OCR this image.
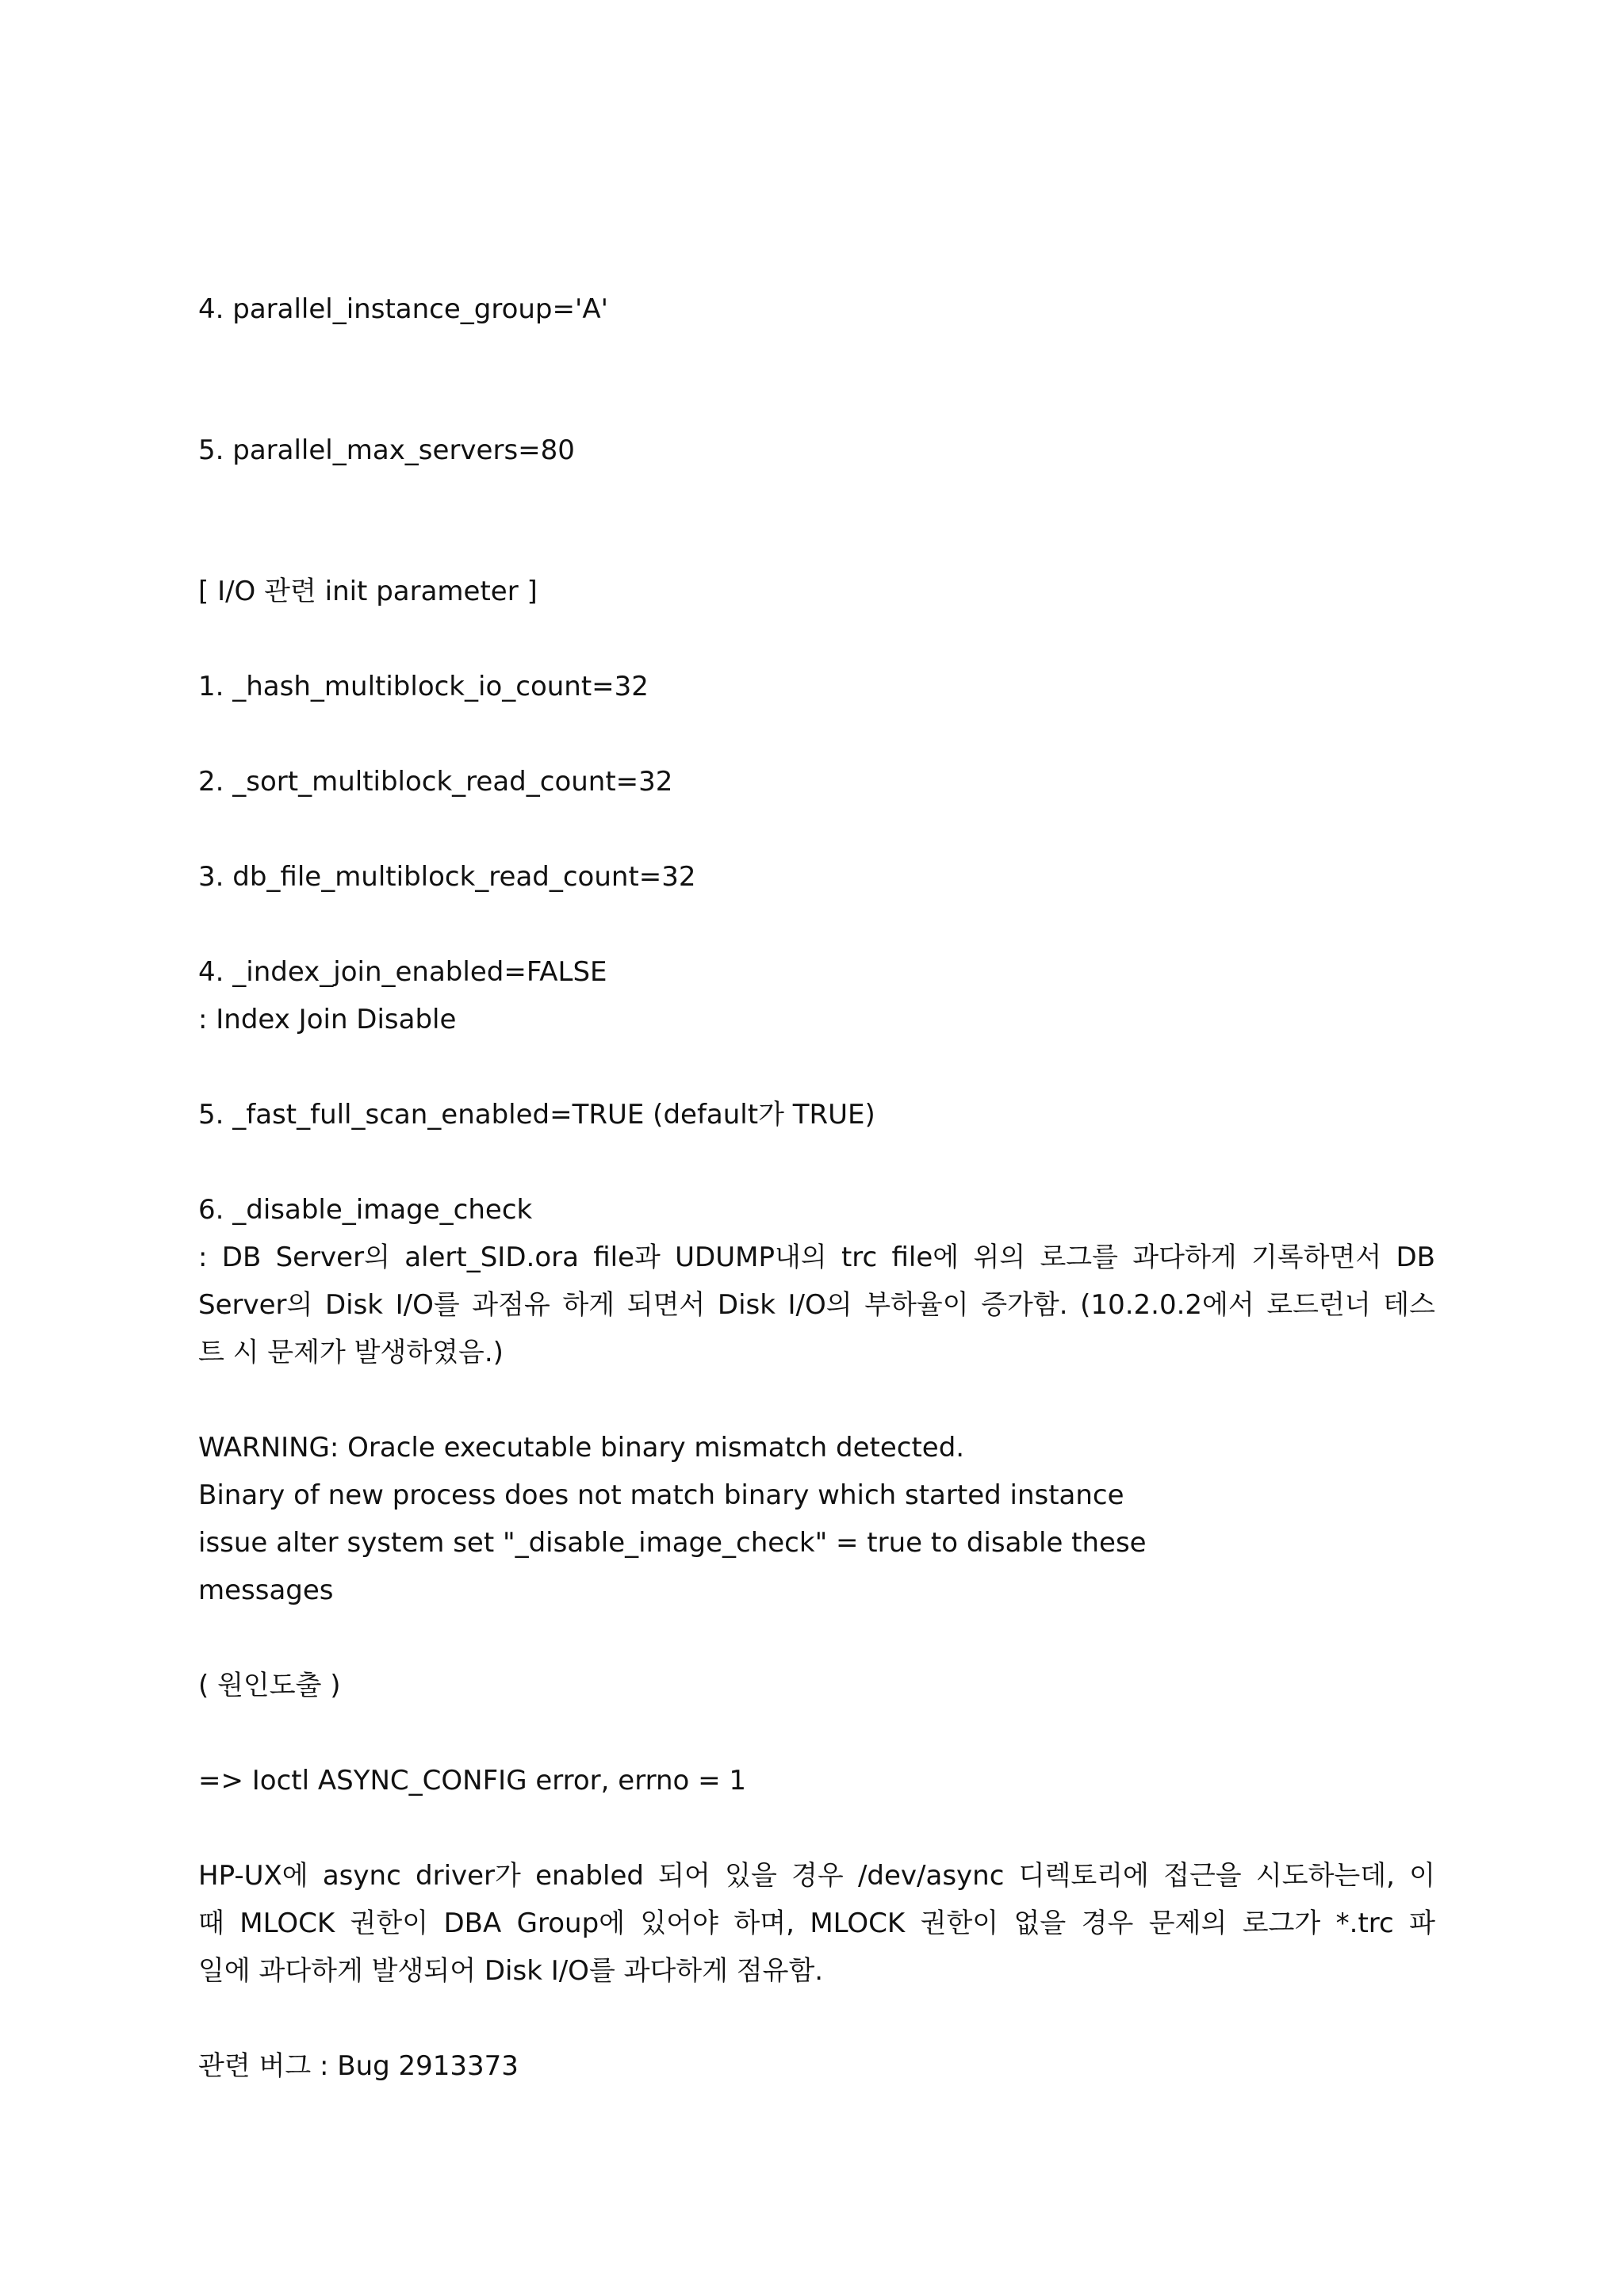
4. parallel_instance_group='A'

5. parallel_max_servers=80

[ I/O 관련 init parameter ]

1. _hash_multiblock_io_count=32

2. _sort_multiblock_read_count=32

3. db_file_multiblock_read_count=32

4. _index_join_enabled=FALSE
: Index Join Disable

5. _fast_full_scan_enabled=TRUE (default가 TRUE)

6. _disable_image_check
: DB Server의 alert_SID.ora file과 UDUMP내의 trc file에 위의 로그를 과다하게 기록하면서 DB
Server의 Disk I/O를 과점유 하게 되면서 Disk I/O의 부하율이 증가함. (10.2.0.2에서 로드런너 테스
트 시 문제가 발생하였음.)

WARNING: Oracle executable binary mismatch detected.
Binary of new process does not match binary which started instance
issue alter system set "_disable_image_check" = true to disable these
messages

( 원인도출 )

=> Ioctl ASYNC_CONFIG error, errno = 1

HP-UX에 async driver가 enabled 되어 있을 경우 /dev/async 디렉토리에 접근을 시도하는데, 이
때 MLOCK 권한이 DBA Group에 있어야 하며, MLOCK 권한이 없을 경우 문제의 로그가 *.trc 파
일에 과다하게 발생되어 Disk I/O를 과다하게 점유함.

관련 버그 : Bug 2913373
